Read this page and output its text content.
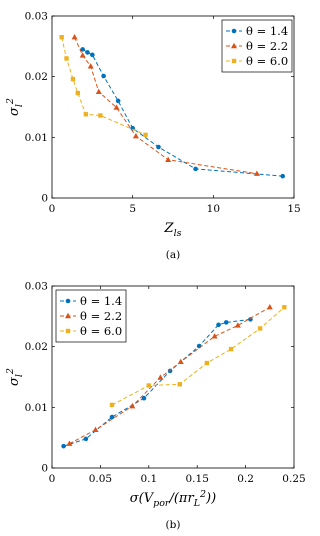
0	5	10	15
0
0.01
0.02
0.03
$Z_{ls}$
$\sigma_l^2$
(a)
θ = 1.4
θ = 2.2
θ = 6.0
0	0.05	0.1	0.15	0.2	0.25
0
0.01
0.02
0.03
$\sigma(V_{por}/(\pi r_L^2))$
$\sigma_l^2$
(b)
θ = 1.4
θ = 2.2
θ = 6.0
